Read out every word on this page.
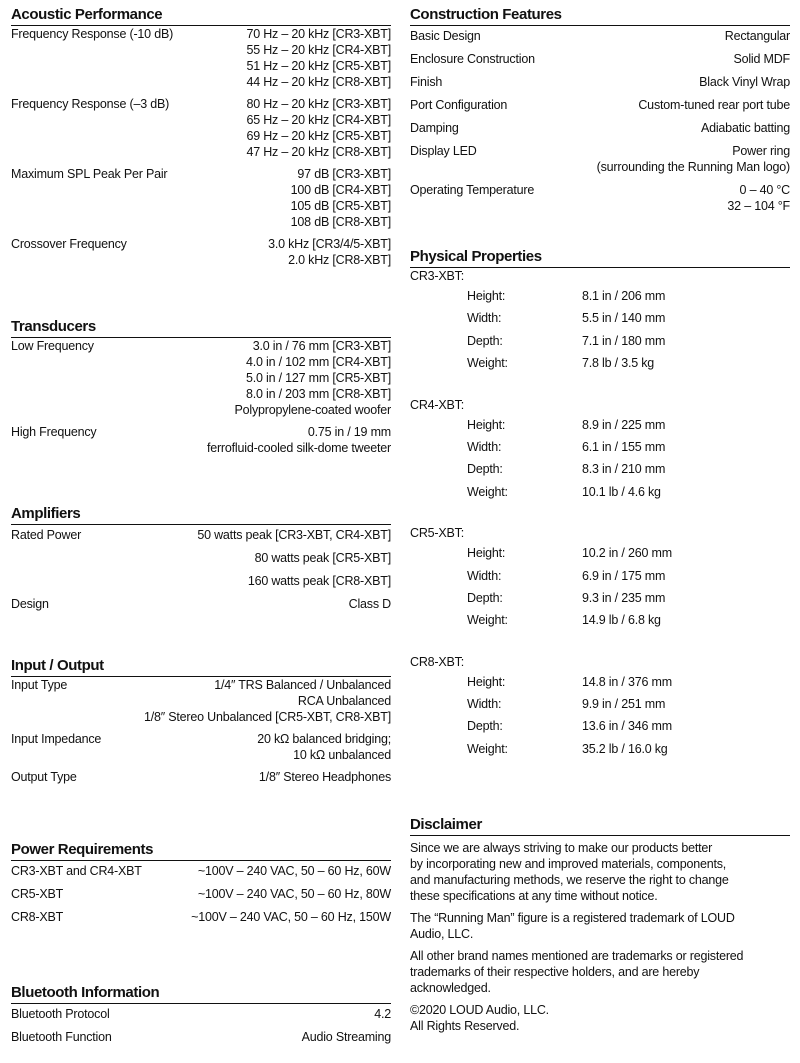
Acoustic Performance
Frequency Response (-10 dB)	70 Hz – 20 kHz [CR3-XBT]
55 Hz – 20 kHz [CR4-XBT]
51 Hz – 20 kHz [CR5-XBT]
44 Hz – 20 kHz [CR8-XBT]
Frequency Response (–3 dB)	80 Hz – 20 kHz [CR3-XBT]
65 Hz – 20 kHz [CR4-XBT]
69 Hz – 20 kHz [CR5-XBT]
47 Hz – 20 kHz [CR8-XBT]
Maximum SPL Peak Per Pair	97 dB [CR3-XBT]
100 dB [CR4-XBT]
105 dB [CR5-XBT]
108 dB [CR8-XBT]
Crossover Frequency	3.0 kHz [CR3/4/5-XBT]
2.0 kHz [CR8-XBT]
Transducers
Low Frequency	3.0 in / 76 mm [CR3-XBT]
4.0 in / 102 mm [CR4-XBT]
5.0 in / 127 mm [CR5-XBT]
8.0 in / 203 mm [CR8-XBT]
Polypropylene-coated woofer
High Frequency	0.75 in / 19 mm
ferrofluid-cooled silk-dome tweeter
Amplifiers
Rated Power	50 watts peak [CR3-XBT, CR4-XBT]
80 watts peak [CR5-XBT]
160 watts peak [CR8-XBT]
Design	Class D
Input / Output
Input Type	1/4″ TRS Balanced / Unbalanced
RCA Unbalanced
1/8″ Stereo Unbalanced [CR5-XBT, CR8-XBT]
Input Impedance	20 kΩ balanced bridging;
10 kΩ unbalanced
Output Type	1/8″ Stereo Headphones
Power Requirements
CR3-XBT and CR4-XBT	~100V – 240 VAC, 50 – 60 Hz, 60W
CR5-XBT	~100V – 240 VAC, 50 – 60 Hz, 80W
CR8-XBT	~100V – 240 VAC, 50 – 60 Hz, 150W
Bluetooth Information
Bluetooth Protocol	4.2
Bluetooth Function	Audio Streaming
Construction Features
Basic Design	Rectangular
Enclosure Construction	Solid MDF
Finish	Black Vinyl Wrap
Port Configuration	Custom-tuned rear port tube
Damping	Adiabatic batting
Display LED	Power ring
(surrounding the Running Man logo)
Operating Temperature	0 – 40 °C
32 – 104 °F
Physical Properties
CR3-XBT:
Height:	8.1 in / 206 mm
Width:	5.5 in / 140 mm
Depth:	7.1 in / 180 mm
Weight:	7.8 lb / 3.5 kg
CR4-XBT:
Height:	8.9 in / 225 mm
Width:	6.1 in / 155 mm
Depth:	8.3 in / 210 mm
Weight:	10.1 lb / 4.6 kg
CR5-XBT:
Height:	10.2 in / 260 mm
Width:	6.9 in / 175 mm
Depth:	9.3 in / 235 mm
Weight:	14.9 lb / 6.8 kg
CR8-XBT:
Height:	14.8 in / 376 mm
Width:	9.9 in / 251 mm
Depth:	13.6 in / 346 mm
Weight:	35.2 lb / 16.0 kg
Disclaimer

Since we are always striving to make our products better
by incorporating new and improved materials, components,
and manufacturing methods, we reserve the right to change
these specifications at any time without notice.

The “Running Man” figure is a registered trademark of LOUD
Audio, LLC.

All other brand names mentioned are trademarks or registered
trademarks of their respective holders, and are hereby
acknowledged.

©2020 LOUD Audio, LLC.
All Rights Reserved.
